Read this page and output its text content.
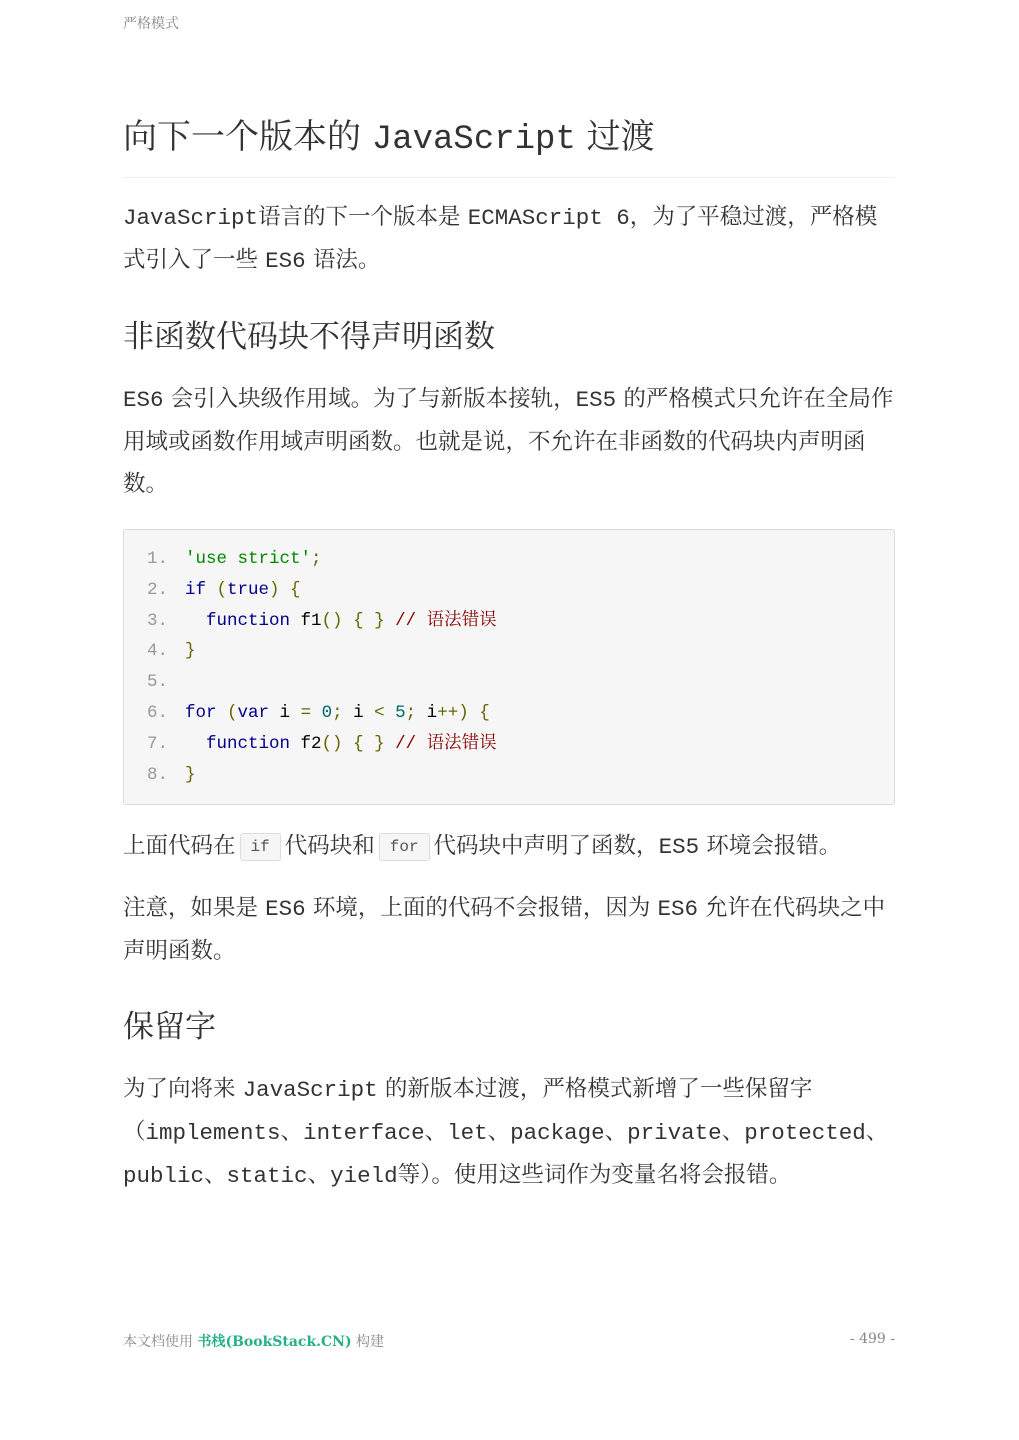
严格模式
向下一个版本的 JavaScript 过渡

JavaScript语言的下一个版本是 ECMAScript 6，为了平稳过渡，严格模式引入了一些 ES6 语法。

非函数代码块不得声明函数

ES6 会引入块级作用域。为了与新版本接轨，ES5 的严格模式只允许在全局作用域或函数作用域声明函数。也就是说，不允许在非函数的代码块内声明函数。

1. 'use strict';
2. if (true) {
3.	function f1() { } // 语法错误
4. }
5.
6. for (var i = 0; i < 5; i++) {
7.	function f2() { } // 语法错误
8. }

上面代码在 if 代码块和 for 代码块中声明了函数，ES5 环境会报错。

注意，如果是 ES6 环境，上面的代码不会报错，因为 ES6 允许在代码块之中声明函数。

保留字

为了向将来 JavaScript 的新版本过渡，严格模式新增了一些保留字（implements、interface、let、package、private、protected、public、static、yield等）。使用这些词作为变量名将会报错。

本文档使用 书栈(BookStack.CN) 构建	- 499 -
